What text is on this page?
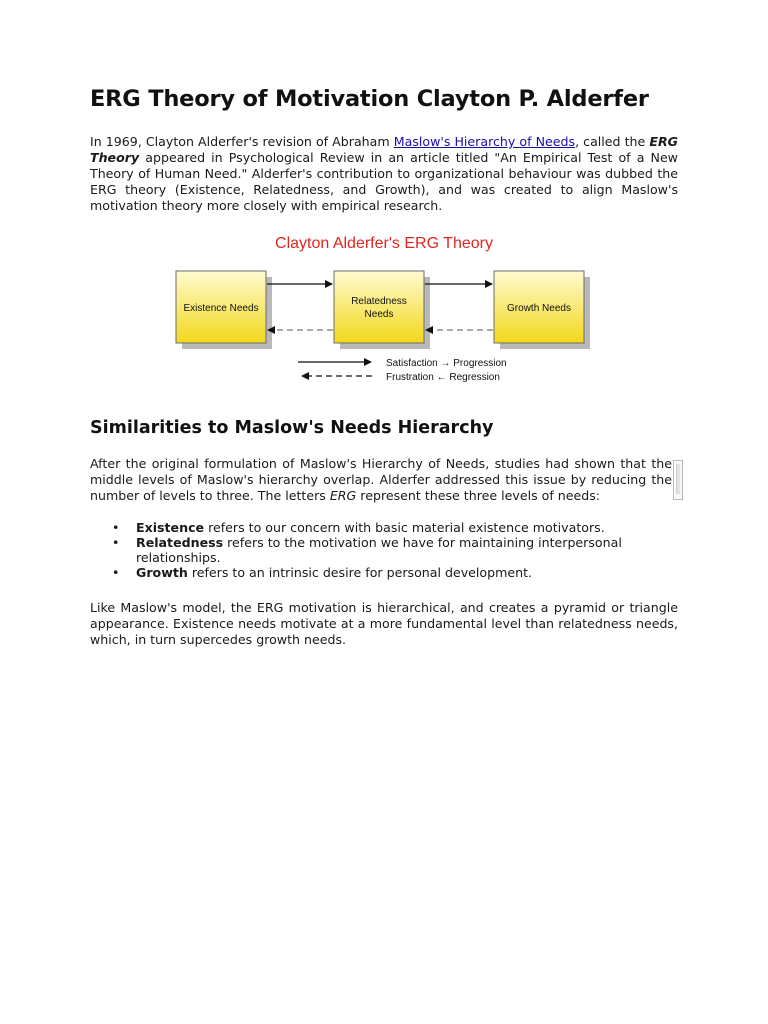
ERG Theory of Motivation Clayton P. Alderfer

In 1969, Clayton Alderfer's revision of Abraham Maslow's Hierarchy of Needs, called the ERG Theory appeared in Psychological Review in an article titled "An Empirical Test of a New Theory of Human Need." Alderfer's contribution to organizational behaviour was dubbed the ERG theory (Existence, Relatedness, and Growth), and was created to align Maslow's motivation theory more closely with empirical research.

Similarities to Maslow's Needs Hierarchy

After the original formulation of Maslow's Hierarchy of Needs, studies had shown that the middle levels of Maslow's hierarchy overlap. Alderfer addressed this issue by reducing the number of levels to three. The letters ERG represent these three levels of needs:

• Existence refers to our concern with basic material existence motivators.
• Relatedness refers to the motivation we have for maintaining interpersonal relationships.
• Growth refers to an intrinsic desire for personal development.

Like Maslow's model, the ERG motivation is hierarchical, and creates a pyramid or triangle appearance. Existence needs motivate at a more fundamental level than relatedness needs, which, in turn supercedes growth needs.

Clayton Alderfer's ERG Theory
Existence Needs
Relatedness Needs
Growth Needs
Satisfaction → Progression
Frustration ← Regression
